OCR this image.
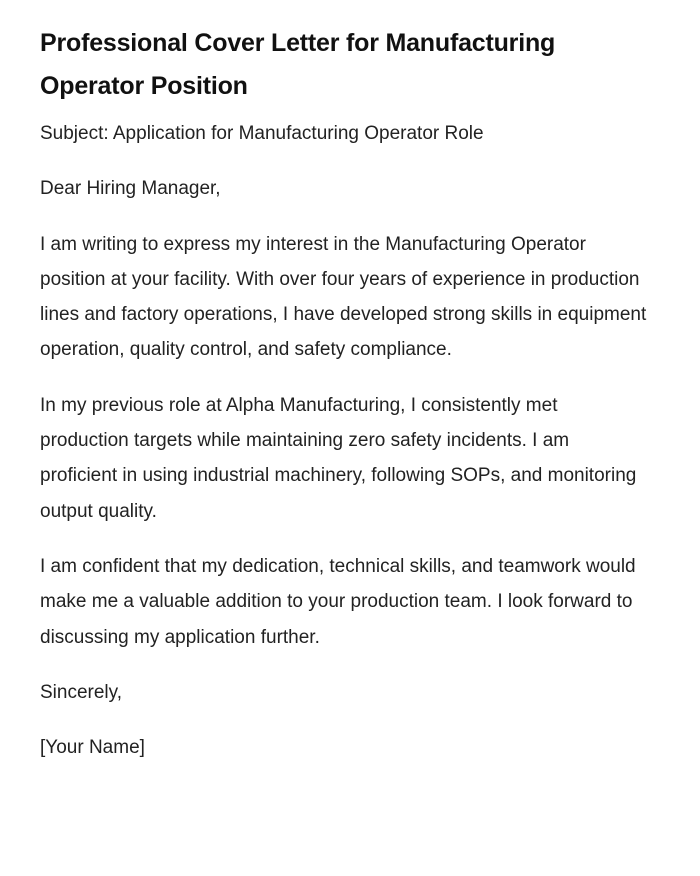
Professional Cover Letter for Manufacturing Operator Position

Subject: Application for Manufacturing Operator Role

Dear Hiring Manager,

I am writing to express my interest in the Manufacturing Operator position at your facility. With over four years of experience in production lines and factory operations, I have developed strong skills in equipment operation, quality control, and safety compliance.

In my previous role at Alpha Manufacturing, I consistently met production targets while maintaining zero safety incidents. I am proficient in using industrial machinery, following SOPs, and monitoring output quality.

I am confident that my dedication, technical skills, and teamwork would make me a valuable addition to your production team. I look forward to discussing my application further.

Sincerely,

[Your Name]
